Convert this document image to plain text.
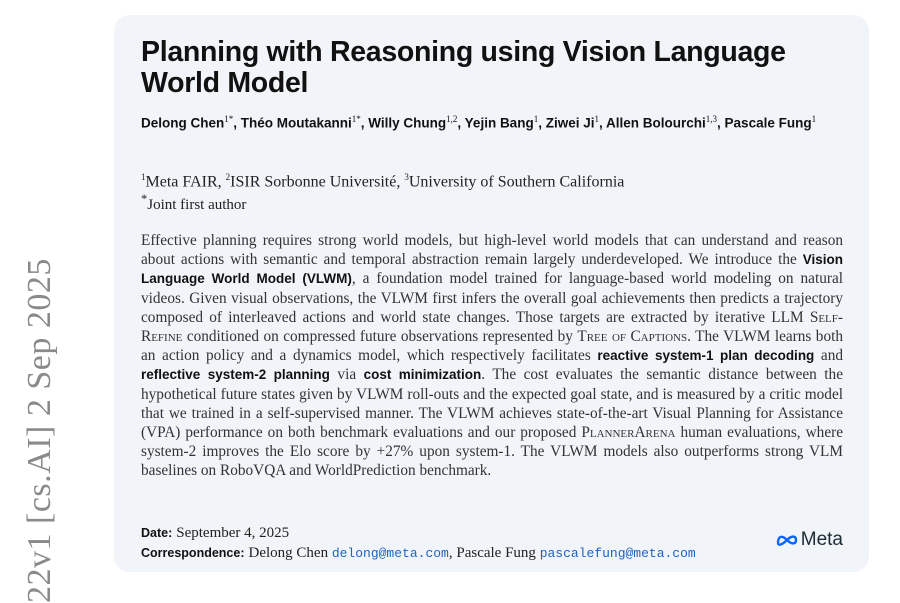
22v1 [cs.AI] 2 Sep 2025
Planning with Reasoning using Vision Language World Model
Delong Chen$^{1*}$, Théo Moutakanni$^{1*}$, Willy Chung$^{1,2}$, Yejin Bang$^1$, Ziwei Ji$^1$, Allen Bolourchi$^{1,3}$, Pascale Fung$^1$
$^1$Meta FAIR, $^2$ISIR Sorbonne Université, $^3$University of Southern California
*Joint first author
Effective planning requires strong world models, but high-level world models that can understand and reason about actions with semantic and temporal abstraction remain largely underdeveloped. We introduce the Vision Language World Model (VLWM), a foundation model trained for language-based world modeling on natural videos. Given visual observations, the VLWM first infers the overall goal achievements then predicts a trajectory composed of interleaved actions and world state changes. Those targets are extracted by iterative LLM Self-Refine conditioned on compressed future observations represented by Tree of Captions. The VLWM learns both an action policy and a dynamics model, which respectively facilitates reactive system-1 plan decoding and reflective system-2 planning via cost minimization. The cost evaluates the semantic distance between the hypothetical future states given by VLWM roll-outs and the expected goal state, and is measured by a critic model that we trained in a self-supervised manner. The VLWM achieves state-of-the-art Visual Planning for Assistance (VPA) performance on both benchmark evaluations and our proposed PlannerArena human evaluations, where system-2 improves the Elo score by +27% upon system-1. The VLWM models also outperforms strong VLM baselines on RoboVQA and WorldPrediction benchmark.
Date: September 4, 2025
Correspondence: Delong Chen delong@meta.com, Pascale Fung pascalefung@meta.com
Meta
